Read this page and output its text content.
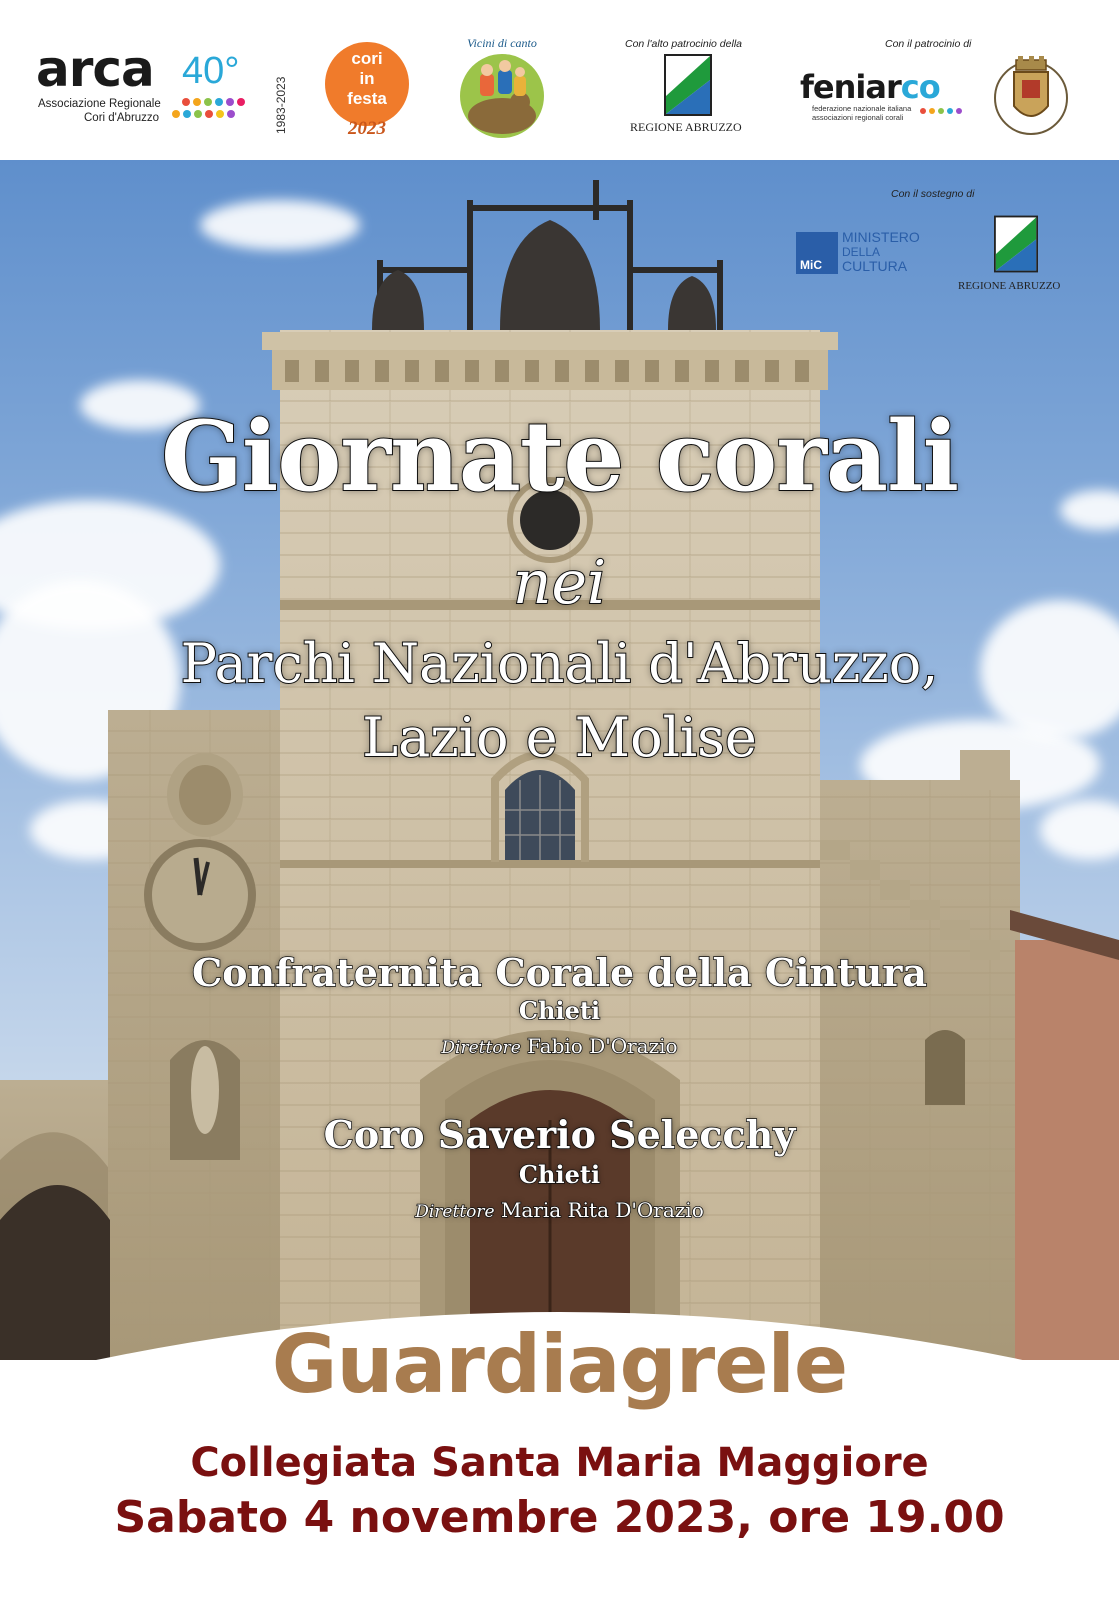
arca 40°
Associazione Regionale
Cori d'Abruzzo	1983-2023
cori
in
festa
2023
Vicini di canto	Con l'alto patrocinio della
REGIONE ABRUZZO
Con il patrocinio di
feniarco
federazione nazionale italiana
associazioni regionali corali
Con il sostegno di
MiC
MINISTERO
DELLA
CULTURA
REGIONE ABRUZZO
Giornate corali
nei
Parchi Nazionali d'Abruzzo,
Lazio e Molise
Confraternita Corale della Cintura
Chieti
Direttore Fabio D'Orazio
Coro Saverio Selecchy
Chieti
Direttore Maria Rita D'Orazio
Guardiagrele
Collegiata Santa Maria Maggiore
Sabato 4 novembre 2023, ore 19.00
